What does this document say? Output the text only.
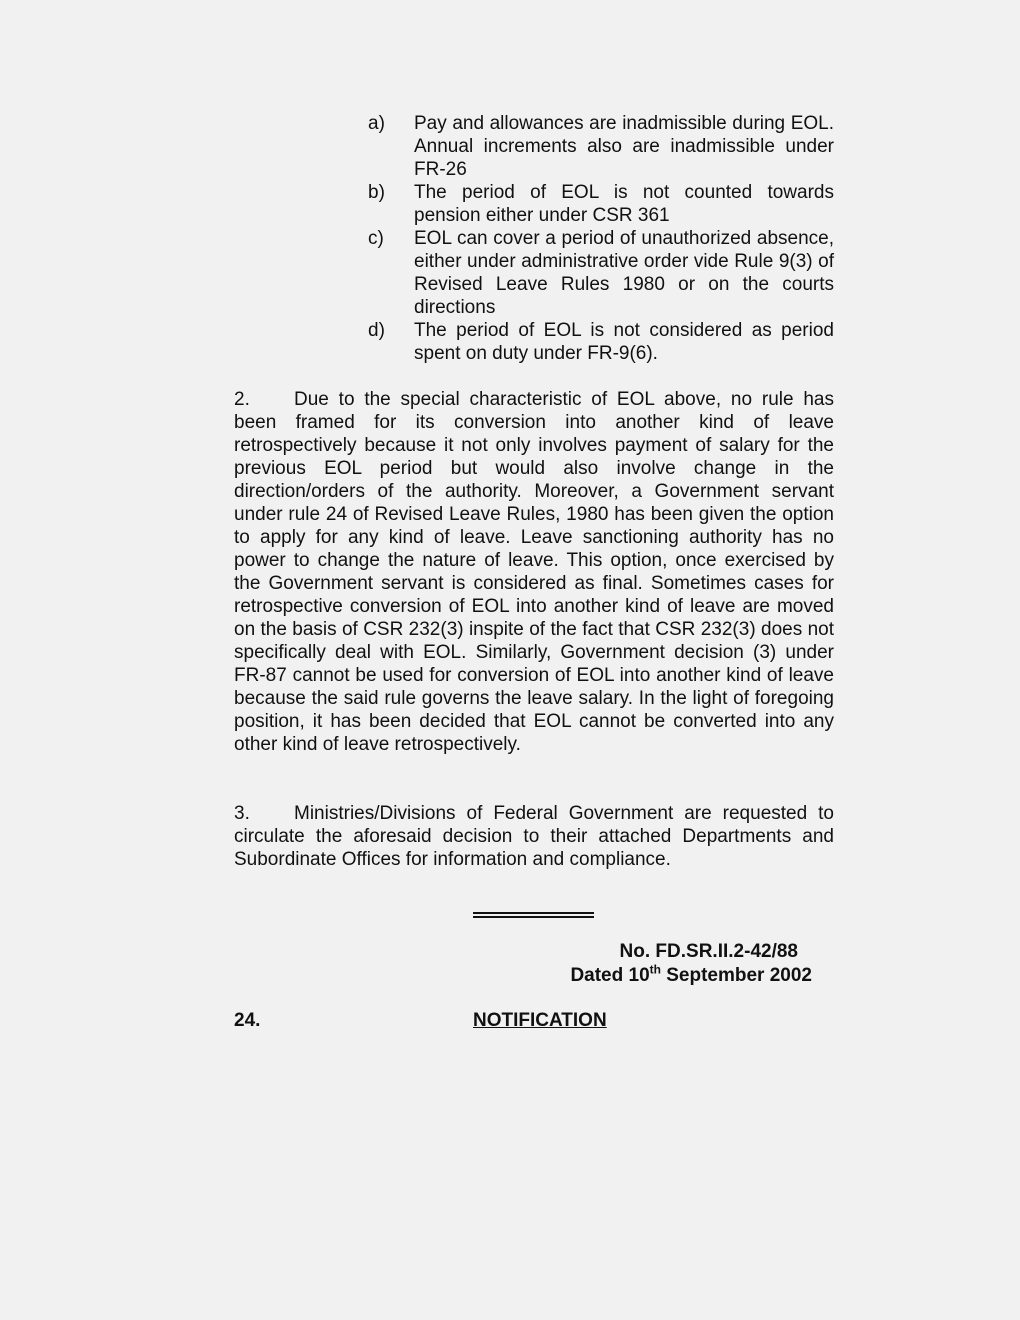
a) Pay and allowances are inadmissible during EOL. Annual increments also are inadmissible under FR-26
b) The period of EOL is not counted towards pension either under CSR 361
c) EOL can cover a period of unauthorized absence, either under administrative order vide Rule 9(3) of Revised Leave Rules 1980 or on the courts directions
d) The period of EOL is not considered as period spent on duty under FR-9(6).
2. Due to the special characteristic of EOL above, no rule has been framed for its conversion into another kind of leave retrospectively because it not only involves payment of salary for the previous EOL period but would also involve change in the direction/orders of the authority. Moreover, a Government servant under rule 24 of Revised Leave Rules, 1980 has been given the option to apply for any kind of leave. Leave sanctioning authority has no power to change the nature of leave. This option, once exercised by the Government servant is considered as final. Sometimes cases for retrospective conversion of EOL into another kind of leave are moved on the basis of CSR 232(3) inspite of the fact that CSR 232(3) does not specifically deal with EOL. Similarly, Government decision (3) under FR-87 cannot be used for conversion of EOL into another kind of leave because the said rule governs the leave salary. In the light of foregoing position, it has been decided that EOL cannot be converted into any other kind of leave retrospectively.
3. Ministries/Divisions of Federal Government are requested to circulate the aforesaid decision to their attached Departments and Subordinate Offices for information and compliance.
No. FD.SR.II.2-42/88
Dated 10th September 2002
24.	NOTIFICATION
